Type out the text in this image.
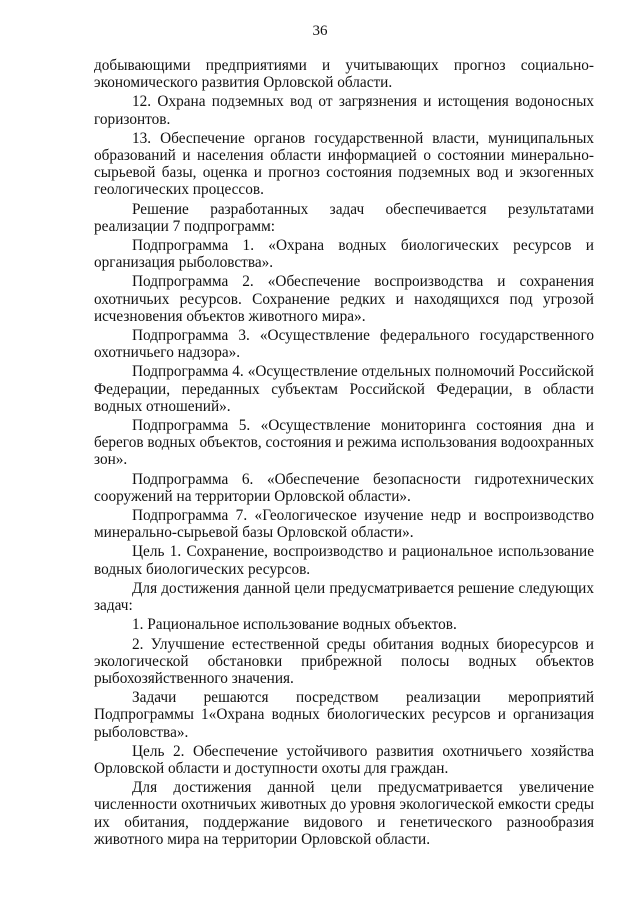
36

добывающими предприятиями и учитывающих прогноз социально-экономического развития Орловской области.

12. Охрана подземных вод от загрязнения и истощения водоносных горизонтов.

13. Обеспечение органов государственной власти, муниципальных образований и населения области информацией о состоянии минерально-сырьевой базы, оценка и прогноз состояния подземных вод и экзогенных геологических процессов.

Решение разработанных задач обеспечивается результатами реализации 7 подпрограмм:

Подпрограмма 1. «Охрана водных биологических ресурсов и организация рыболовства».

Подпрограмма 2. «Обеспечение воспроизводства и сохранения охотничьих ресурсов. Сохранение редких и находящихся под угрозой исчезновения объектов животного мира».

Подпрограмма 3. «Осуществление федерального государственного охотничьего надзора».

Подпрограмма 4. «Осуществление отдельных полномочий Российской Федерации, переданных субъектам Российской Федерации, в области водных отношений».

Подпрограмма 5. «Осуществление мониторинга состояния дна и берегов водных объектов, состояния и режима использования водоохранных зон».

Подпрограмма 6. «Обеспечение безопасности гидротехнических сооружений на территории Орловской области».

Подпрограмма 7. «Геологическое изучение недр и воспроизводство минерально-сырьевой базы Орловской области».

Цель 1. Сохранение, воспроизводство и рациональное использование водных биологических ресурсов.

Для достижения данной цели предусматривается решение следующих задач:

1. Рациональное использование водных объектов.

2. Улучшение естественной среды обитания водных биоресурсов и экологической обстановки прибрежной полосы водных объектов рыбохозяйственного значения.

Задачи решаются посредством реализации мероприятий Подпрограммы 1«Охрана водных биологических ресурсов и организация рыболовства».

Цель 2. Обеспечение устойчивого развития охотничьего хозяйства Орловской области и доступности охоты для граждан.

Для достижения данной цели предусматривается увеличение численности охотничьих животных до уровня экологической емкости среды их обитания, поддержание видового и генетического разнообразия животного мира на территории Орловской области.
